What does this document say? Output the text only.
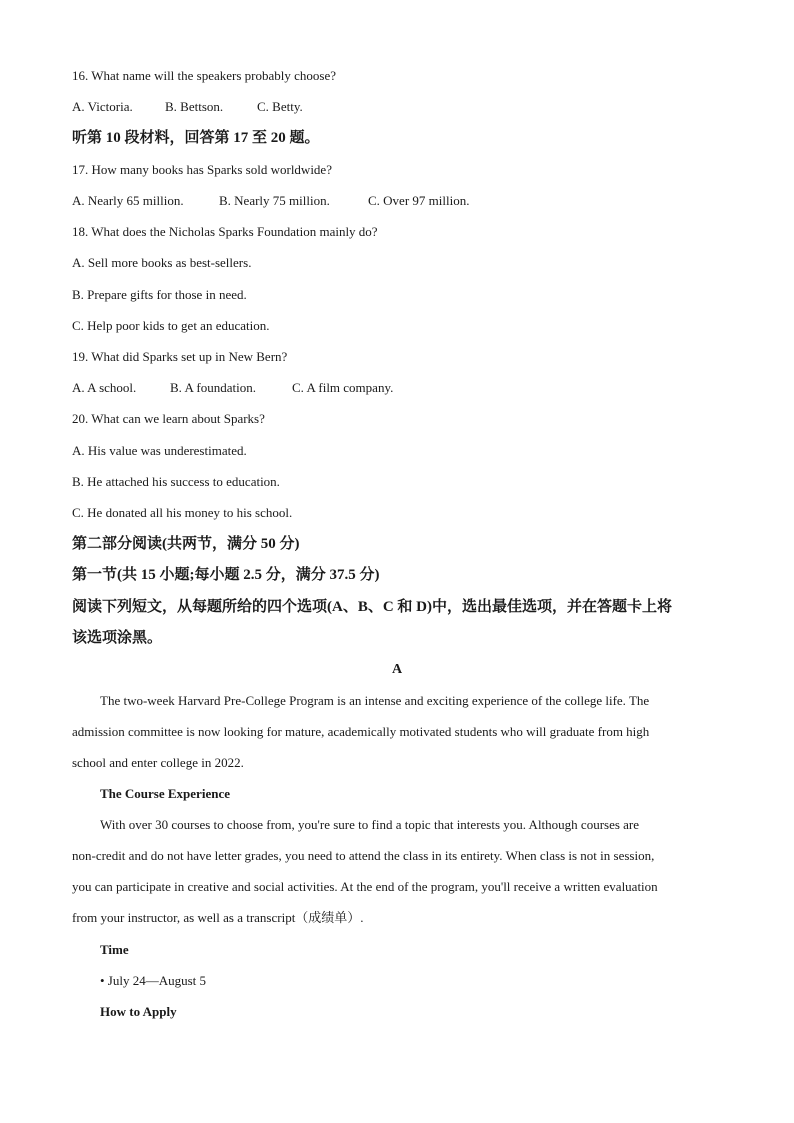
16. What name will the speakers probably choose?
A. Victoria. B. Bettson.	C. Betty.
听第 10 段材料，回答第 17 至 20 题。
17. How many books has Sparks sold worldwide?
A. Nearly 65 million.	B. Nearly 75 million.	C. Over 97 million.
18. What does the Nicholas Sparks Foundation mainly do?
A. Sell more books as best-sellers.
B. Prepare gifts for those in need.
C. Help poor kids to get an education.
19. What did Sparks set up in New Bern?
A. A school.	B. A foundation.	C. A film company.
20. What can we learn about Sparks?
A. His value was underestimated.
B. He attached his success to education.
C. He donated all his money to his school.
第二部分阅读(共两节，满分 50 分)
第一节(共 15 小题;每小题 2.5 分，满分 37.5 分)
阅读下列短文，从每题所给的四个选项(A、B、C 和 D)中，选出最佳选项，并在答题卡上将
该选项涂黑。
A
The two-week Harvard Pre-College Program is an intense and exciting experience of the college life. The
admission committee is now looking for mature, academically motivated students who will graduate from high
school and enter college in 2022.
The Course Experience
With over 30 courses to choose from, you're sure to find a topic that interests you. Although courses are
non-credit and do not have letter grades, you need to attend the class in its entirety. When class is not in session,
you can participate in creative and social activities. At the end of the program, you'll receive a written evaluation
from your instructor, as well as a transcript（成绩单）.
Time
• July 24—August 5
How to Apply
